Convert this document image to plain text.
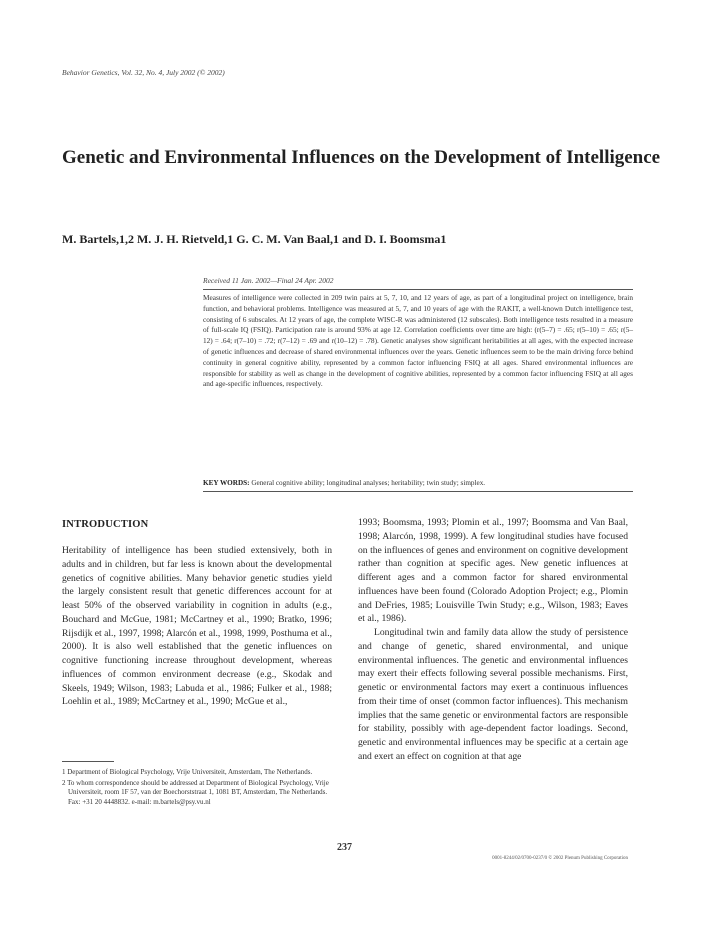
Behavior Genetics, Vol. 32, No. 4, July 2002 (© 2002)
Genetic and Environmental Influences on the Development of Intelligence
M. Bartels,1,2 M. J. H. Rietveld,1 G. C. M. Van Baal,1 and D. I. Boomsma1
Received 11 Jan. 2002—Final 24 Apr. 2002

Measures of intelligence were collected in 209 twin pairs at 5, 7, 10, and 12 years of age, as part of a longitudinal project on intelligence, brain function, and behavioral problems. Intelligence was measured at 5, 7, and 10 years of age with the RAKIT, a well-known Dutch intelligence test, consisting of 6 subscales. At 12 years of age, the complete WISC-R was administered (12 subscales). Both intelligence tests resulted in a measure of full-scale IQ (FSIQ). Participation rate is around 93% at age 12. Correlation coefficients over time are high: (r(5–7) = .65; r(5–10) = .65; r(5–12) = .64; r(7–10) = .72; r(7–12) = .69 and r(10–12) = .78). Genetic analyses show significant heritabilities at all ages, with the expected increase of genetic influences and decrease of shared environmental influences over the years. Genetic influences seem to be the main driving force behind continuity in general cognitive ability, represented by a common factor influencing FSIQ at all ages. Shared environmental influences are responsible for stability as well as change in the development of cognitive abilities, represented by a common factor influencing FSIQ at all ages and age-specific influences, respectively.

KEY WORDS: General cognitive ability; longitudinal analyses; heritability; twin study; simplex.
INTRODUCTION

Heritability of intelligence has been studied extensively, both in adults and in children, but far less is known about the developmental genetics of cognitive abilities. Many behavior genetic studies yield the largely consistent result that genetic differences account for at least 50% of the observed variability in cognition in adults (e.g., Bouchard and McGue, 1981; McCartney et al., 1990; Bratko, 1996; Rijsdijk et al., 1997, 1998; Alarcón et al., 1998, 1999, Posthuma et al., 2000). It is also well established that the genetic influences on cognitive functioning increase throughout development, whereas influences of common environment decrease (e.g., Skodak and Skeels, 1949; Wilson, 1983; Labuda et al., 1986; Fulker et al., 1988; Loehlin et al., 1989; McCartney et al., 1990; McGue et al.,

1993; Boomsma, 1993; Plomin et al., 1997; Boomsma and Van Baal, 1998; Alarcón, 1998, 1999). A few longitudinal studies have focused on the influences of genes and environment on cognitive development rather than cognition at specific ages. New genetic influences at different ages and a common factor for shared environmental influences have been found (Colorado Adoption Project; e.g., Plomin and DeFries, 1985; Louisville Twin Study; e.g., Wilson, 1983; Eaves et al., 1986).

Longitudinal twin and family data allow the study of persistence and change of genetic, shared environmental, and unique environmental influences. The genetic and environmental influences may exert their effects following several possible mechanisms. First, genetic or environmental factors may exert a continuous influences from their time of onset (common factor influences). This mechanism implies that the same genetic or environmental factors are responsible for stability, possibly with age-dependent factor loadings. Second, genetic and environmental influences may be specific at a certain age and exert an effect on cognition at that age

1 Department of Biological Psychology, Vrije Universiteit, Amsterdam, The Netherlands.
2 To whom correspondence should be addressed at Department of Biological Psychology, Vrije Universiteit, room 1F 57, van der Boechorststraat 1, 1081 BT, Amsterdam, The Netherlands. Fax: +31 20 4448832. e-mail: m.bartels@psy.vu.nl
237
0001-8244/02/0700-0237/0 © 2002 Plenum Publishing Corporation
